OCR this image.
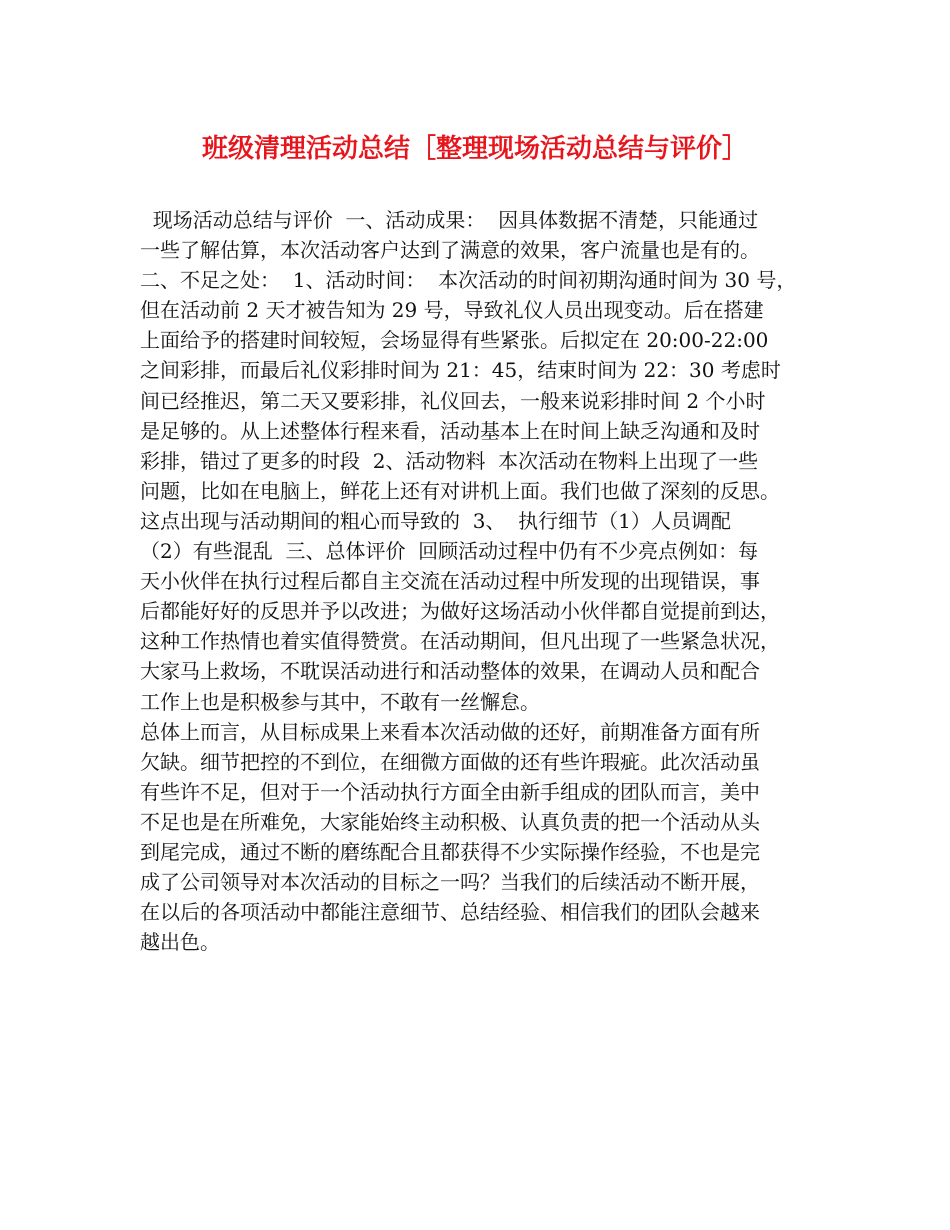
班级清理活动总结［整理现场活动总结与评价］
现场活动总结与评价  一、活动成果：  因具体数据不清楚，只能通过
一些了解估算，本次活动客户达到了满意的效果，客户流量也是有的。
二、不足之处：  1、活动时间：  本次活动的时间初期沟通时间为 30 号，
但在活动前 2 天才被告知为 29 号，导致礼仪人员出现变动。后在搭建
上面给予的搭建时间较短，会场显得有些紧张。后拟定在 20:00-22:00
之间彩排，而最后礼仪彩排时间为 21：45，结束时间为 22：30 考虑时
间已经推迟，第二天又要彩排，礼仪回去，一般来说彩排时间 2 个小时
是足够的。从上述整体行程来看，活动基本上在时间上缺乏沟通和及时
彩排，错过了更多的时段  2、活动物料  本次活动在物料上出现了一些
问题，比如在电脑上，鲜花上还有对讲机上面。我们也做了深刻的反思。
这点出现与活动期间的粗心而导致的  3、  执行细节（1）人员调配
（2）有些混乱  三、总体评价  回顾活动过程中仍有不少亮点例如：每
天小伙伴在执行过程后都自主交流在活动过程中所发现的出现错误，事
后都能好好的反思并予以改进；为做好这场活动小伙伴都自觉提前到达，
这种工作热情也着实值得赞赏。在活动期间，但凡出现了一些紧急状况，
大家马上救场，不耽误活动进行和活动整体的效果，在调动人员和配合
工作上也是积极参与其中，不敢有一丝懈怠。
总体上而言，从目标成果上来看本次活动做的还好，前期准备方面有所
欠缺。细节把控的不到位，在细微方面做的还有些许瑕疵。此次活动虽
有些许不足，但对于一个活动执行方面全由新手组成的团队而言，美中
不足也是在所难免，大家能始终主动积极、认真负责的把一个活动从头
到尾完成，通过不断的磨练配合且都获得不少实际操作经验，不也是完
成了公司领导对本次活动的目标之一吗？当我们的后续活动不断开展，
在以后的各项活动中都能注意细节、总结经验、相信我们的团队会越来
越出色。
